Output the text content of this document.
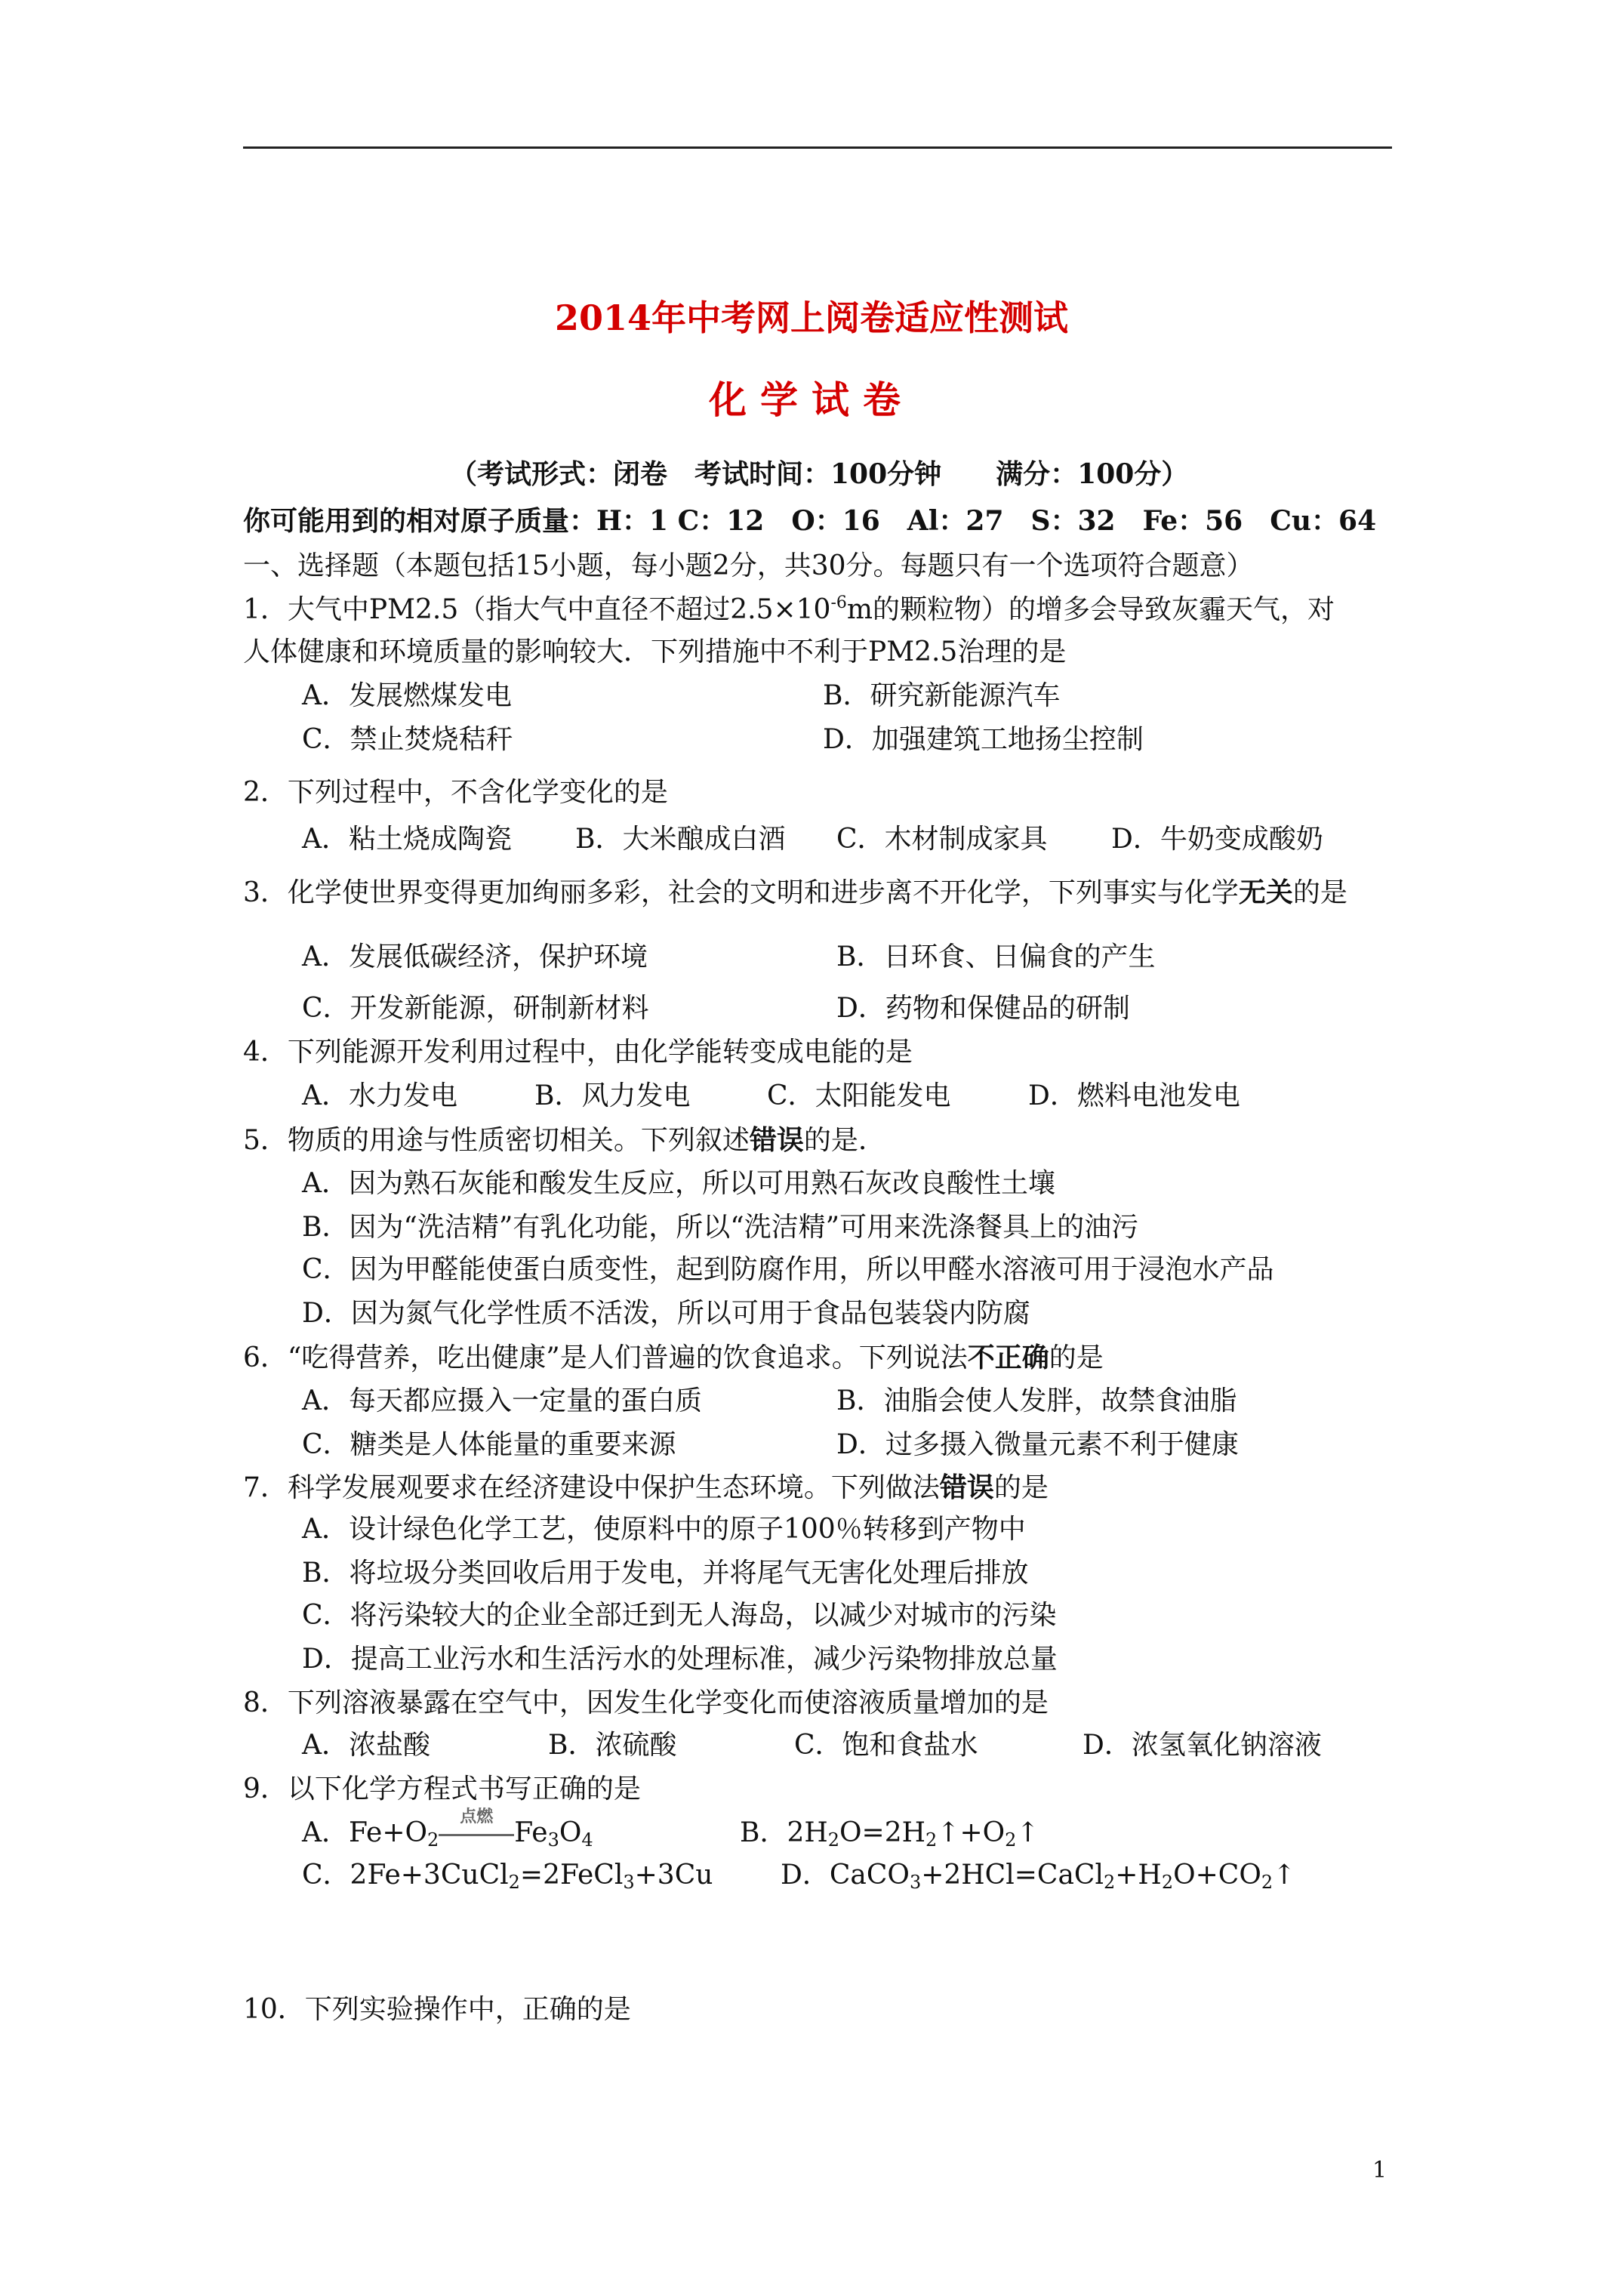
2014年中考网上阅卷适应性测试
化学试卷
（考试形式：闭卷　考试时间：100分钟　　满分：100分）
你可能用到的相对原子质量：H：1 C：12　O：16　Al：27　S：32　Fe：56　Cu：64
一、选择题（本题包括15小题，每小题2分，共30分。每题只有一个选项符合题意）
1．大气中PM2.5（指大气中直径不超过$2.5\times 10^{-6}m$的颗粒物）的增多会导致灰霾天气，对
人体健康和环境质量的影响较大．下列措施中不利于PM2.5治理的是
A．发展燃煤发电	B．研究新能源汽车
C．禁止焚烧秸秆	D．加强建筑工地扬尘控制
2．下列过程中，不含化学变化的是
A．粘土烧成陶瓷 B．大米酿成白酒 C．木材制成家具 D．牛奶变成酸奶
3．化学使世界变得更加绚丽多彩，社会的文明和进步离不开化学，下列事实与化学无关的是
A．发展低碳经济，保护环境	B．日环食、日偏食的产生
C．开发新能源，研制新材料	D．药物和保健品的研制
4．下列能源开发利用过程中，由化学能转变成电能的是
A．水力发电	B．风力发电	C．太阳能发电	D．燃料电池发电
5．物质的用途与性质密切相关。下列叙述错误的是.
A．因为熟石灰能和酸发生反应，所以可用熟石灰改良酸性土壤
B．因为“洗洁精”有乳化功能，所以“洗洁精”可用来洗涤餐具上的油污
C．因为甲醛能使蛋白质变性，起到防腐作用，所以甲醛水溶液可用于浸泡水产品
D．因为氮气化学性质不活泼，所以可用于食品包装袋内防腐
6．“吃得营养，吃出健康”是人们普遍的饮食追求。下列说法不正确的是
A．每天都应摄入一定量的蛋白质	B．油脂会使人发胖，故禁食油脂
C．糖类是人体能量的重要来源	D．过多摄入微量元素不利于健康
7．科学发展观要求在经济建设中保护生态环境。下列做法错误的是
A．设计绿色化学工艺，使原料中的原子100％转移到产物中
B．将垃圾分类回收后用于发电，并将尾气无害化处理后排放
C．将污染较大的企业全部迁到无人海岛，以减少对城市的污染
D．提高工业污水和生活污水的处理标准，减少污染物排放总量
8．下列溶液暴露在空气中，因发生化学变化而使溶液质量增加的是
A．浓盐酸	B．浓硫酸	C．饱和食盐水	D．浓氢氧化钠溶液
9．以下化学方程式书写正确的是
A．$Fe+O_2$
点燃
$Fe_3O_4$	B．$2H_2O=2H_2↑+O_2↑$
C．2Fe+3CuCl$_2$=2FeCl$_3$+3Cu D．$CaCO_3+2HCl=CaCl_2+H_2O+CO_2↑$
10．下列实验操作中，正确的是
1
